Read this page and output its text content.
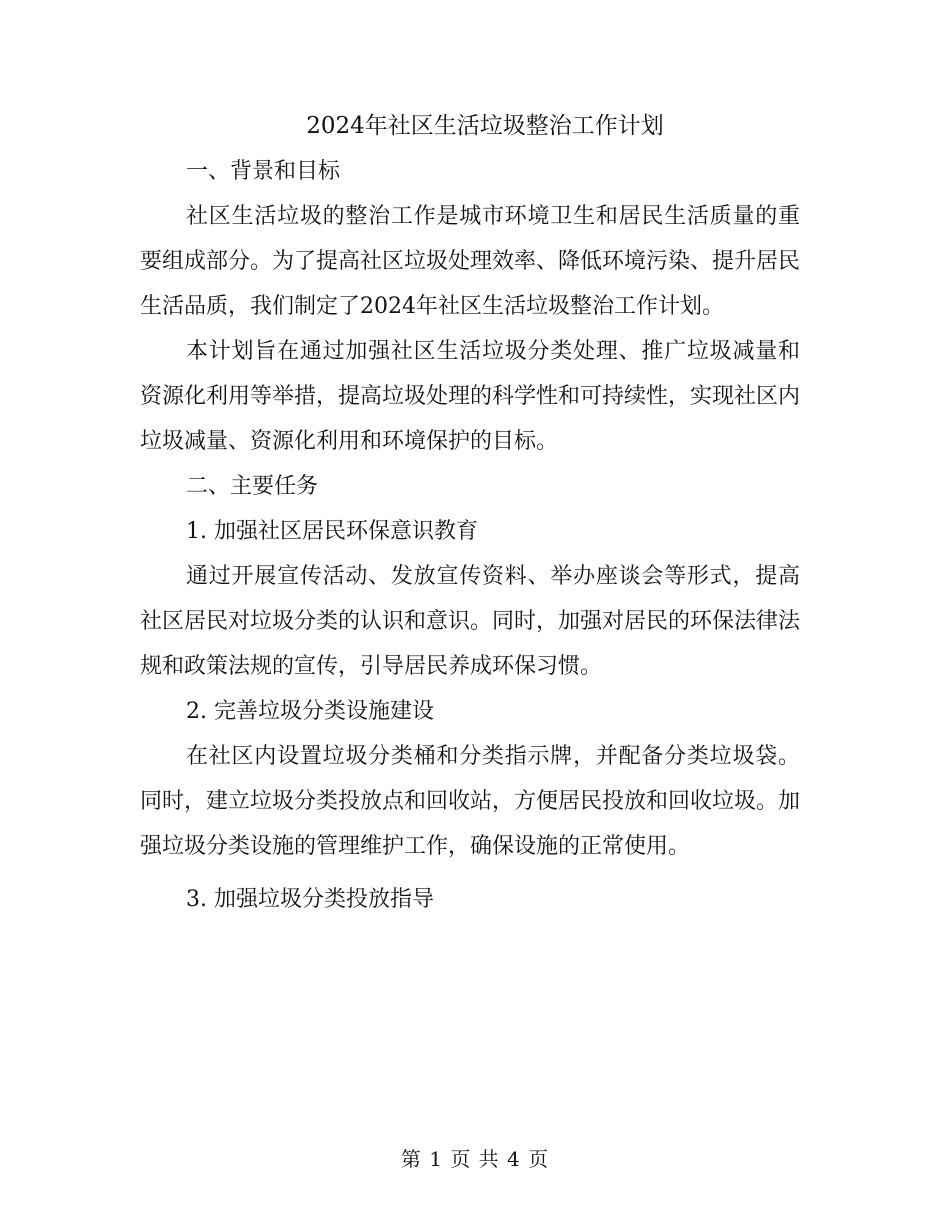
2024年社区生活垃圾整治工作计划

一、背景和目标

社区生活垃圾的整治工作是城市环境卫生和居民生活质量的重要组成部分。为了提高社区垃圾处理效率、降低环境污染、提升居民生活品质，我们制定了2024年社区生活垃圾整治工作计划。

本计划旨在通过加强社区生活垃圾分类处理、推广垃圾减量和资源化利用等举措，提高垃圾处理的科学性和可持续性，实现社区内垃圾减量、资源化利用和环境保护的目标。

二、主要任务

1. 加强社区居民环保意识教育

通过开展宣传活动、发放宣传资料、举办座谈会等形式，提高社区居民对垃圾分类的认识和意识。同时，加强对居民的环保法律法规和政策法规的宣传，引导居民养成环保习惯。

2. 完善垃圾分类设施建设

在社区内设置垃圾分类桶和分类指示牌，并配备分类垃圾袋。同时，建立垃圾分类投放点和回收站，方便居民投放和回收垃圾。加强垃圾分类设施的管理维护工作，确保设施的正常使用。

3. 加强垃圾分类投放指导

第 1 页 共 4 页
